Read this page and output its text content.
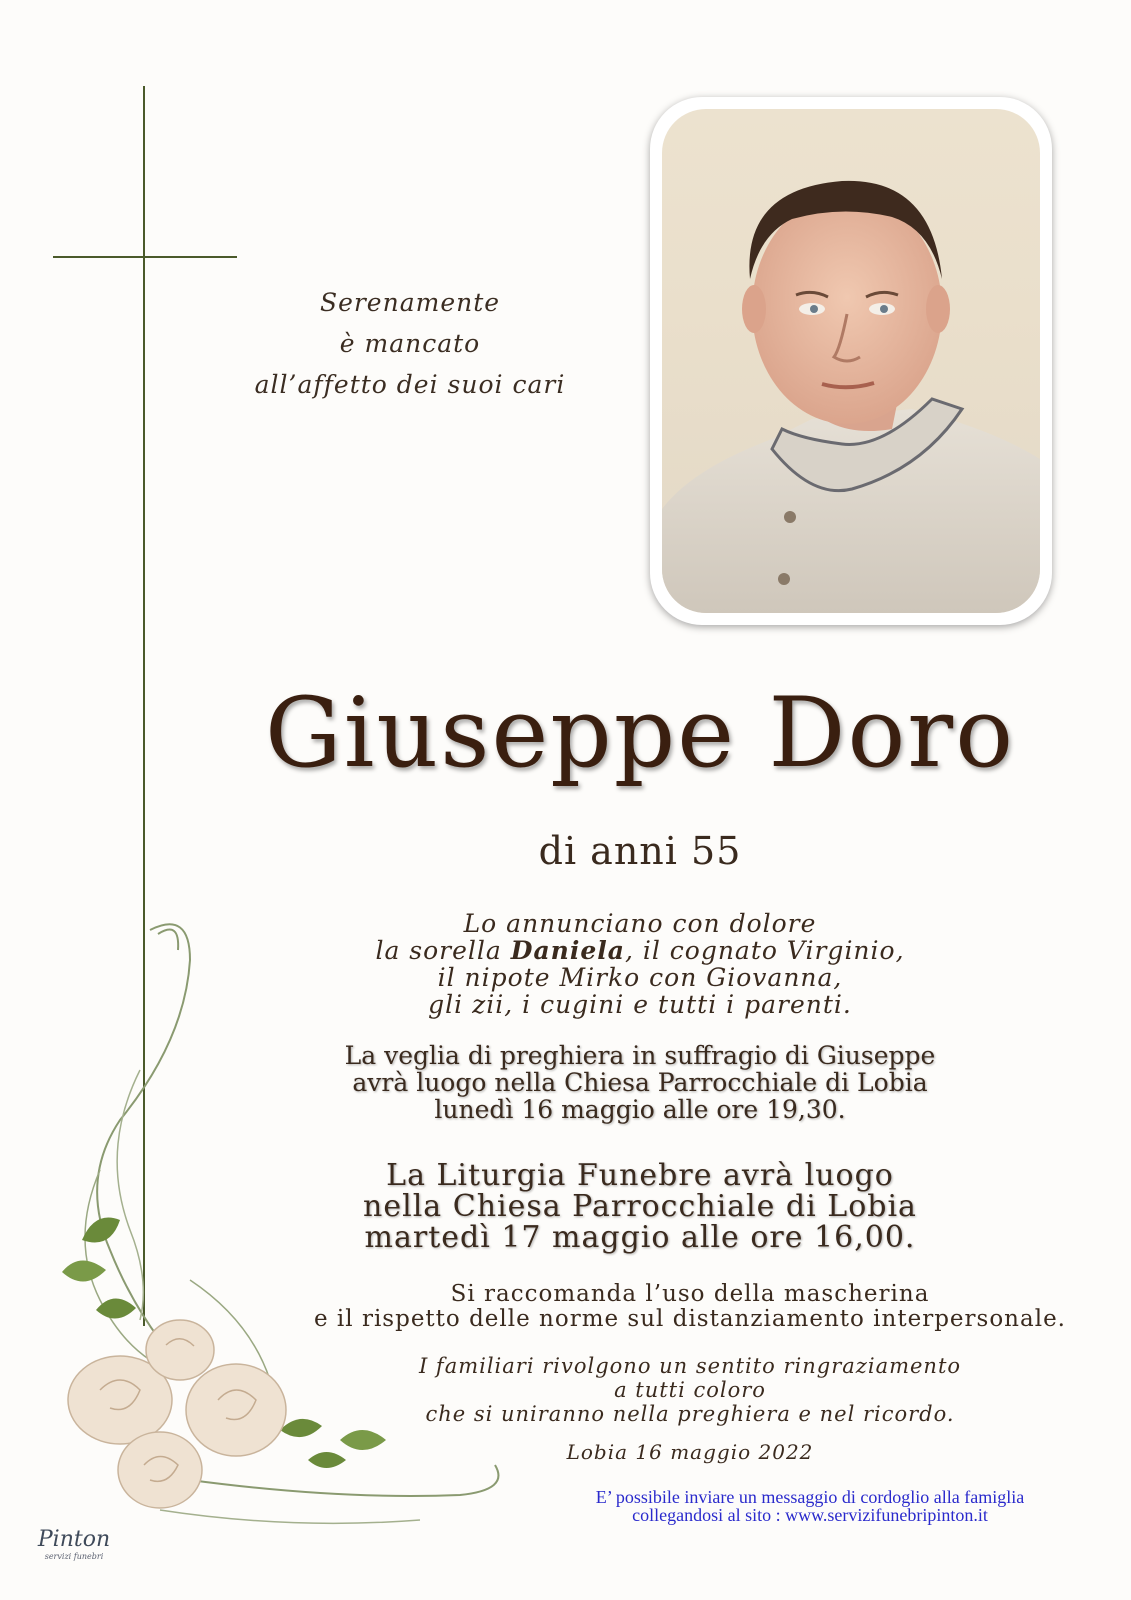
Serenamente
è mancato
all’affetto dei suoi cari
Giuseppe Doro
di anni 55
Lo annunciano con dolore
la sorella Daniela, il cognato Virginio,
il nipote Mirko con Giovanna,
gli zii, i cugini e tutti i parenti.
La veglia di preghiera in suffragio di Giuseppe
avrà luogo nella Chiesa Parrocchiale di Lobia
lunedì 16 maggio alle ore 19,30.
La Liturgia Funebre avrà luogo
nella Chiesa Parrocchiale di Lobia
martedì 17 maggio alle ore 16,00.
Si raccomanda l’uso della mascherina
e il rispetto delle norme sul distanziamento interpersonale.
I familiari rivolgono un sentito ringraziamento
a tutti coloro
che si uniranno nella preghiera e nel ricordo.
Lobia 16 maggio 2022
E’ possibile inviare un messaggio di cordoglio alla famiglia
collegandosi al sito : www.servizifunebripinton.it
Pinton
servizi funebri
